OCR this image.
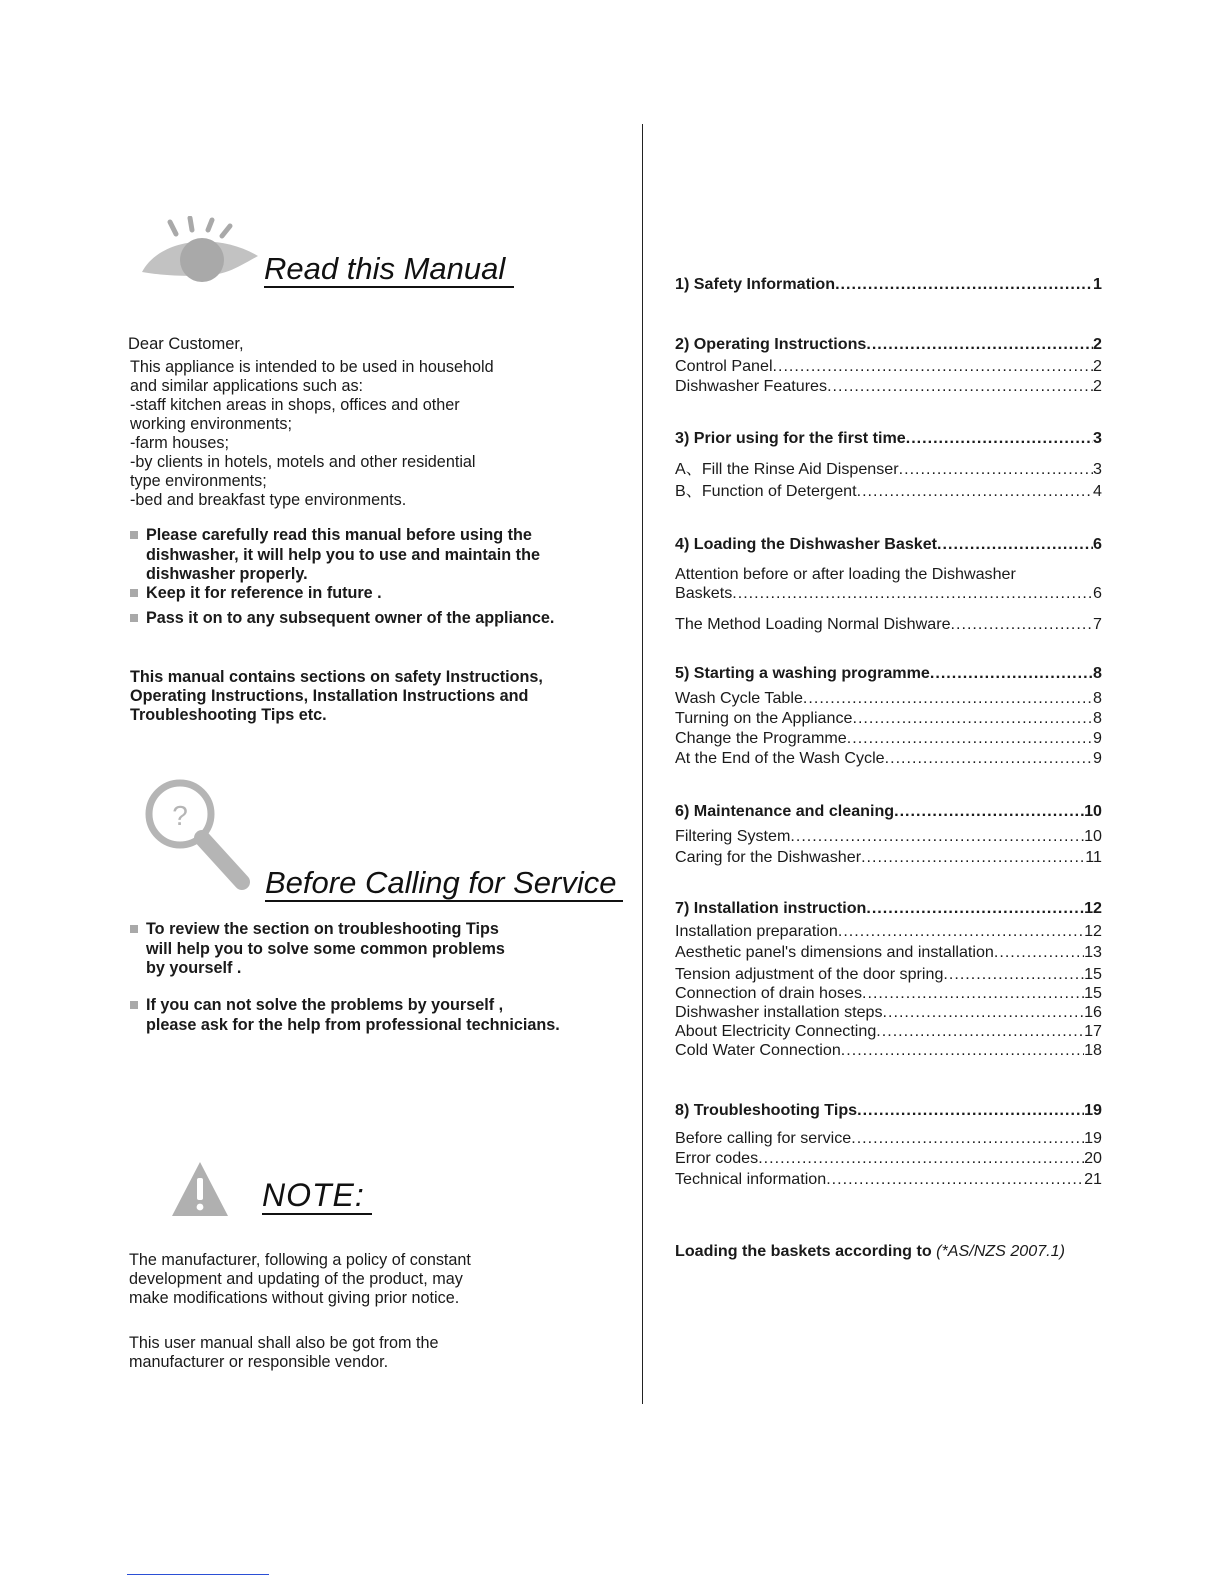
Read this Manual
Dear Customer,
This appliance is intended to be used in household
and similar applications such as:
-staff kitchen areas in shops, offices and other
working environments;
-farm houses;
-by clients in hotels, motels and other residential
type environments;
-bed and breakfast type environments.
Please carefully read this manual before using the
dishwasher, it will help you to use and maintain the
dishwasher properly.
Keep it for reference in future .
Pass it on to any subsequent owner of the appliance.
This manual contains sections on safety Instructions,
Operating Instructions, Installation Instructions and
Troubleshooting Tips etc.
?
Before Calling for Service
To review the section on troubleshooting Tips
will help you to solve some common problems
by yourself .
If you can not solve the problems by yourself ,
please ask for the help from professional technicians.
NOTE:
The manufacturer, following a policy of constant
development and updating of the product, may
make modifications without giving prior notice.
This user manual shall also be got from the
manufacturer or responsible vendor.
1) Safety Information .....	1
2) Operating Instructions .....	2
Control Panel .....	2
Dishwasher Features .....	2
3) Prior using for the first time .....	3
A、Fill the Rinse Aid Dispenser .....	3
B、Function of Detergent .....	4
4) Loading the Dishwasher Basket .....	6
Attention before or after loading the Dishwasher
Baskets .....	6
The Method Loading Normal Dishware .....	7
5) Starting a washing programme .....	8
Wash Cycle Table .....	8
Turning on the Appliance .....	8
Change the Programme .....	9
At the End of the Wash Cycle .....	9
6) Maintenance and cleaning .....	10
Filtering System .....	10
Caring for the Dishwasher .....	11
7) Installation instruction .....	12
Installation preparation .....	12
Aesthetic panel's dimensions and installation .....	13
Tension adjustment of the door spring .....	15
Connection of drain hoses .....	15
Dishwasher installation steps .....	16
About Electricity Connecting .....	17
Cold Water Connection .....	18
8) Troubleshooting Tips .....	19
Before calling for service .....	19
Error codes .....	20
Technical information .....	21
Loading the baskets according to (*AS/NZS 2007.1)
